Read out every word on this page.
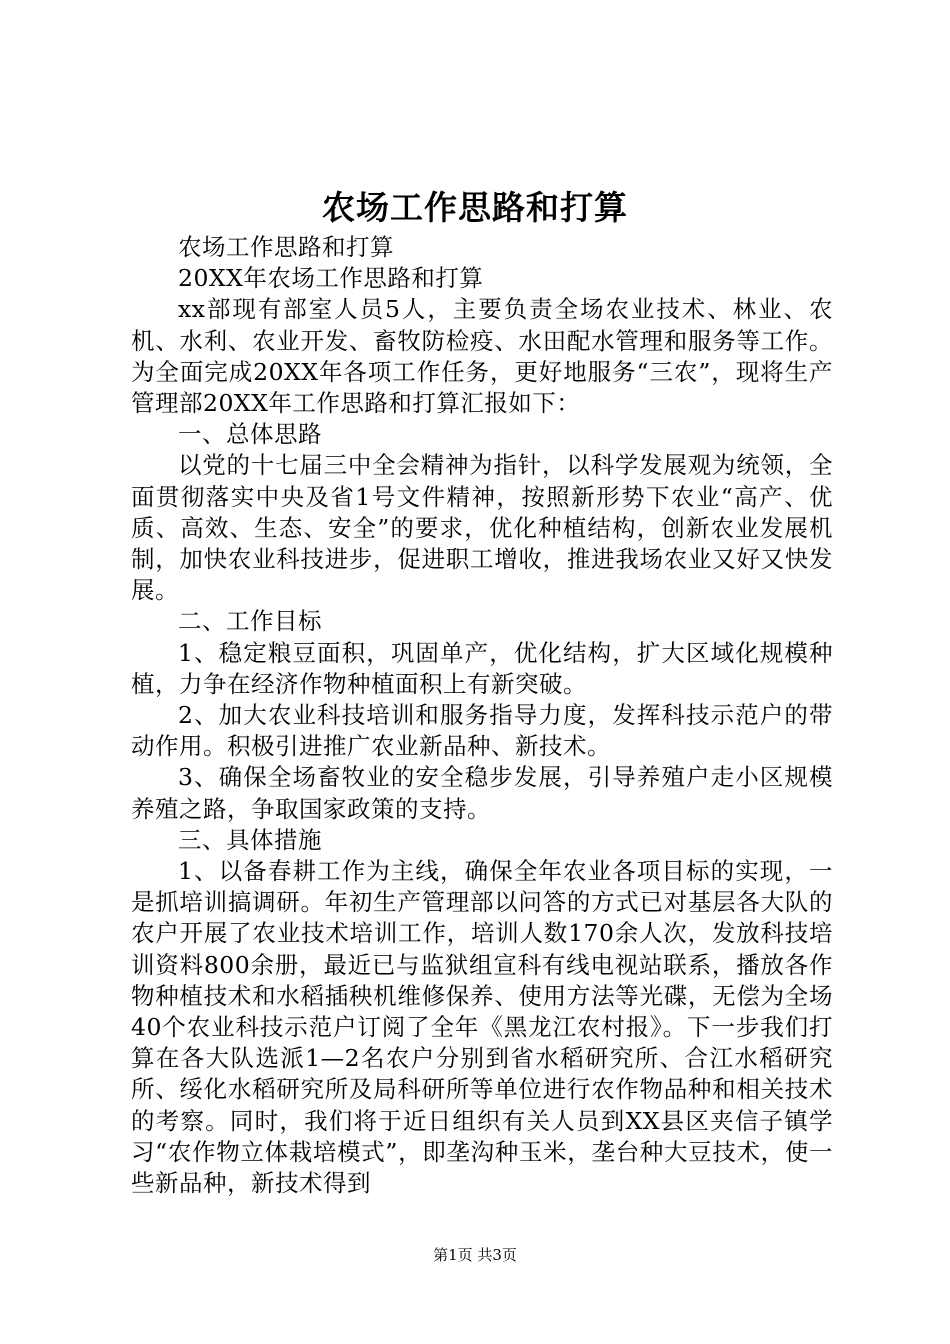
农场工作思路和打算

农场工作思路和打算

20XX年农场工作思路和打算

xx部现有部室人员5人，主要负责全场农业技术、林业、农机、水利、农业开发、畜牧防检疫、水田配水管理和服务等工作。为全面完成20XX年各项工作任务，更好地服务“三农”，现将生产管理部20XX年工作思路和打算汇报如下：

一、总体思路

以党的十七届三中全会精神为指针，以科学发展观为统领，全面贯彻落实中央及省1号文件精神，按照新形势下农业“高产、优质、高效、生态、安全”的要求，优化种植结构，创新农业发展机制，加快农业科技进步，促进职工增收，推进我场农业又好又快发展。

二、工作目标

1、稳定粮豆面积，巩固单产，优化结构，扩大区域化规模种植，力争在经济作物种植面积上有新突破。

2、加大农业科技培训和服务指导力度，发挥科技示范户的带动作用。积极引进推广农业新品种、新技术。

3、确保全场畜牧业的安全稳步发展，引导养殖户走小区规模养殖之路，争取国家政策的支持。

三、具体措施

1、以备春耕工作为主线，确保全年农业各项目标的实现，一是抓培训搞调研。年初生产管理部以问答的方式已对基层各大队的农户开展了农业技术培训工作，培训人数170余人次，发放科技培训资料800余册，最近已与监狱组宣科有线电视站联系，播放各作物种植技术和水稻插秧机维修保养、使用方法等光碟，无偿为全场40个农业科技示范户订阅了全年《黑龙江农村报》。下一步我们打算在各大队选派1—2名农户分别到省水稻研究所、合江水稻研究所、绥化水稻研究所及局科研所等单位进行农作物品种和相关技术的考察。同时，我们将于近日组织有关人员到XX县区夹信子镇学习“农作物立体栽培模式”，即垄沟种玉米，垄台种大豆技术，使一些新品种，新技术得到

第1页 共3页
